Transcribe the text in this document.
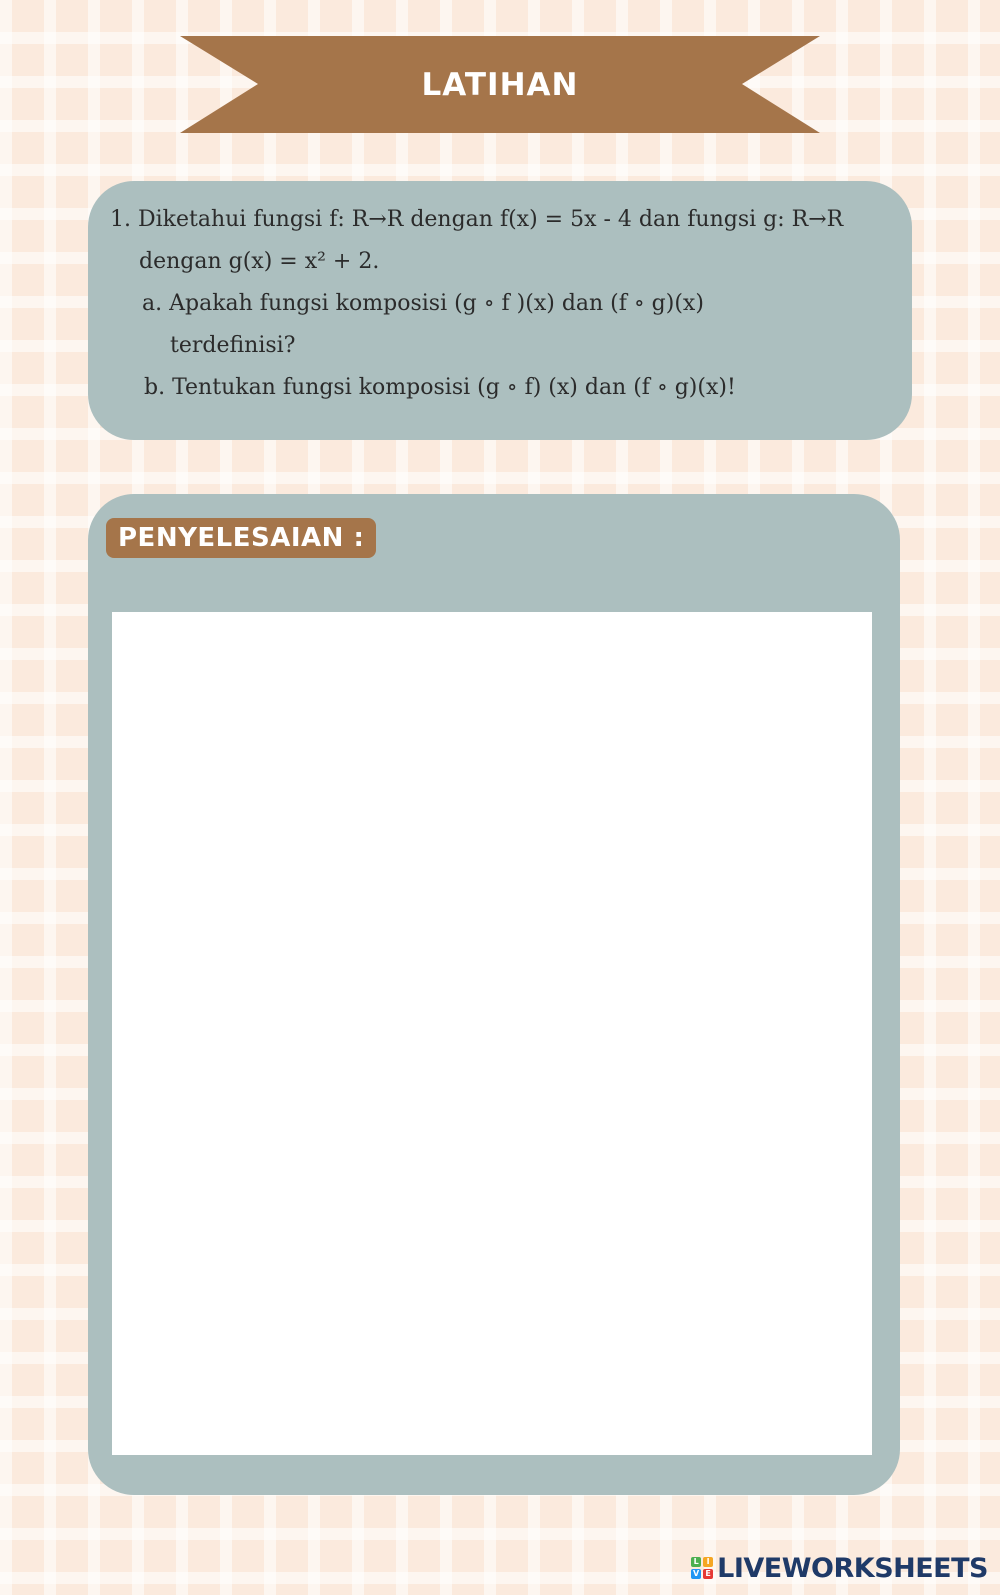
LATIHAN
1. Diketahui fungsi f: R→R dengan f(x) = 5x - 4 dan fungsi g: R→R
dengan g(x) = x² + 2.
a. Apakah fungsi komposisi (g ∘ f )(x) dan (f ∘ g)(x)
terdefinisi?
b. Tentukan fungsi komposisi (g ∘ f) (x) dan (f ∘ g)(x)!
PENYELESAIAN :
L I
V E LIVEWORKSHEETS
